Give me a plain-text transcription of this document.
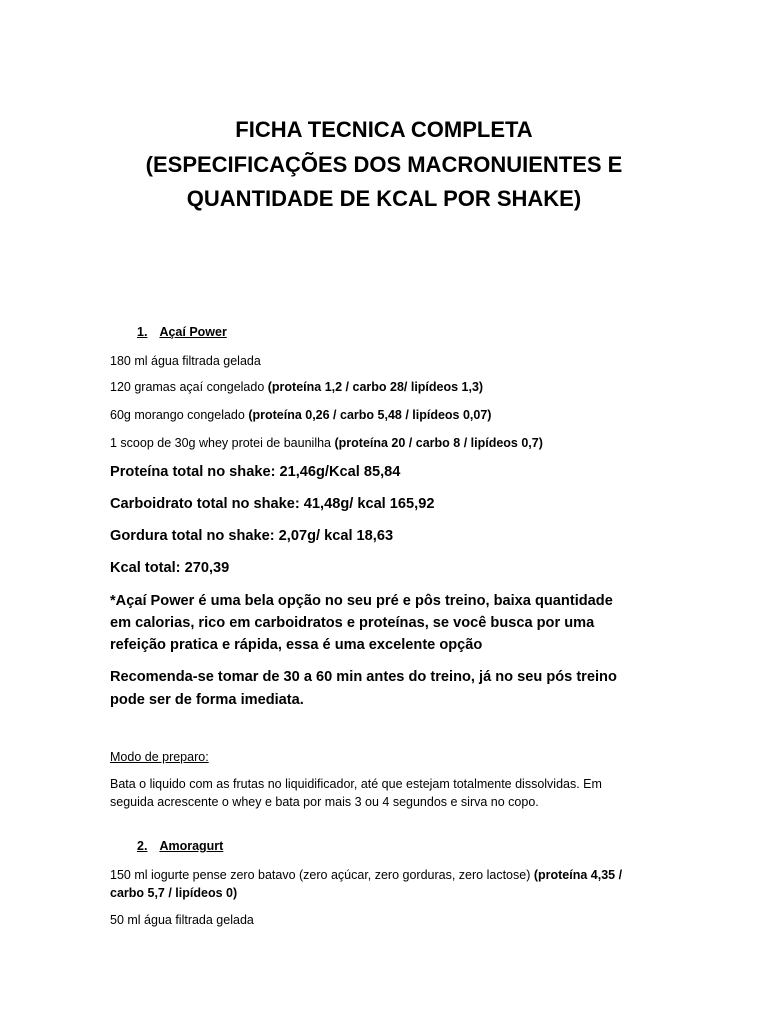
FICHA TECNICA COMPLETA
(ESPECIFICAÇÕES DOS MACRONUIENTES E
QUANTIDADE DE KCAL POR SHAKE)
1. Açaí Power
180 ml água filtrada gelada
120 gramas açaí congelado (proteína 1,2 / carbo 28/ lipídeos 1,3)
60g morango congelado (proteína 0,26 / carbo 5,48 / lipídeos 0,07)
1 scoop de 30g whey protei de baunilha (proteína 20 / carbo 8 / lipídeos 0,7)
Proteína total no shake: 21,46g/Kcal 85,84
Carboidrato total no shake: 41,48g/ kcal 165,92
Gordura total no shake: 2,07g/ kcal 18,63
Kcal total: 270,39
*Açaí Power é uma bela opção no seu pré e pôs treino, baixa quantidade
em calorias, rico em carboidratos e proteínas, se você busca por uma
refeição pratica e rápida, essa é uma excelente opção
Recomenda-se tomar de 30 a 60 min antes do treino, já no seu pós treino
pode ser de forma imediata.
Modo de preparo:
Bata o liquido com as frutas no liquidificador, até que estejam totalmente dissolvidas. Em
seguida acrescente o whey e bata por mais 3 ou 4 segundos e sirva no copo.
2. Amoragurt
150 ml iogurte pense zero batavo (zero açúcar, zero gorduras, zero lactose) (proteína 4,35 /
carbo 5,7 / lipídeos 0)
50 ml água filtrada gelada
